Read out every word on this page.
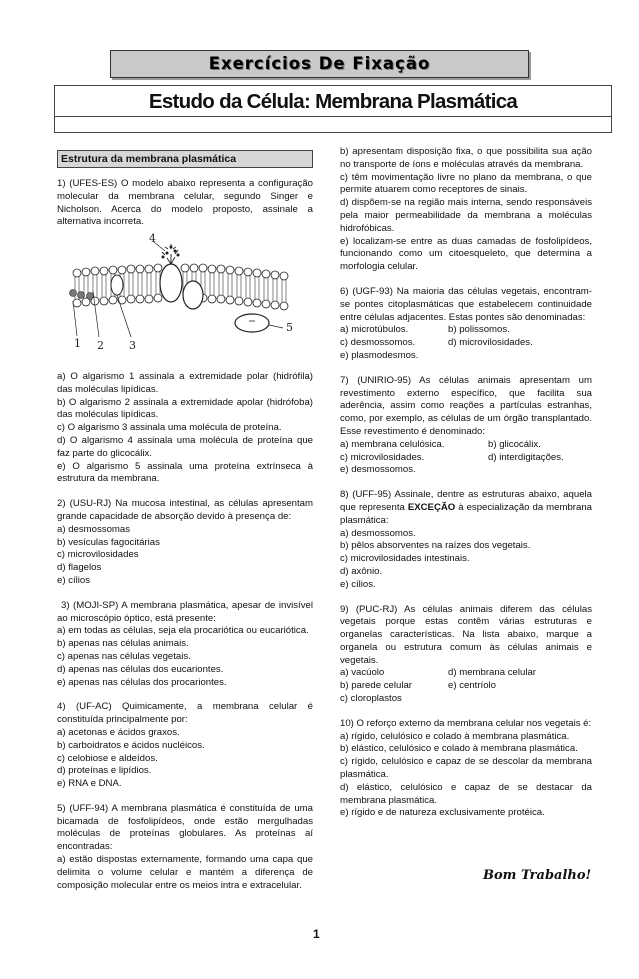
Exercícios De Fixação
Estudo da Célula: Membrana Plasmática
Estrutura da membrana plasmática

1) (UFES-ES) O modelo abaixo representa a configuração molecular da membrana celular, segundo Singer e Nicholson. Acerca do modelo proposto, assinale a alternativa incorreta.

4
5
1 2 3

a) O algarismo 1 assinala a extremidade polar (hidrófila) das moléculas lipídicas.

b) O algarismo 2 assinala a extremidade apolar (hidrófoba) das moléculas lipídicas.

c) O algarismo 3 assinala uma molécula de proteína.

d) O algarismo 4 assinala uma molécula de proteína que faz parte do glicocálix.

e) O algarismo 5 assinala uma proteína extrínseca à estrutura da membrana.

2) (USU-RJ) Na mucosa intestinal, as células apresentam grande capacidade de absorção devido à presença de:

a) desmossomas

b) vesículas fagocitárias

c) microvilosidades

d) flagelos

e) cílios

3) (MOJI-SP) A membrana plasmática, apesar de invisível ao microscópio óptico, está presente:

a) em todas as células, seja ela procariótica ou eucariótica.

b) apenas nas células animais.

c) apenas nas células vegetais.

d) apenas nas células dos eucariontes.

e) apenas nas células dos procariontes.

4) (UF-AC) Quimicamente, a membrana celular é constituída principalmente por:

a) acetonas e ácidos graxos.

b) carboidratos e ácidos nucléicos.

c) celobiose e aldeídos.

d) proteínas e lipídios.

e) RNA e DNA.

5) (UFF-94) A membrana plasmática é constituída de uma bicamada de fosfolipídeos, onde estão mergulhadas moléculas de proteínas globulares. As proteínas aí encontradas:

a) estão dispostas externamente, formando uma capa que delimita o volume celular e mantém a diferença de composição molecular entre os meios intra e extracelular.

b) apresentam disposição fixa, o que possibilita sua ação no transporte de íons e moléculas através da membrana.

c) têm movimentação livre no plano da membrana, o que permite atuarem como receptores de sinais.

d) dispõem-se na região mais interna, sendo responsáveis pela maior permeabilidade da membrana a moléculas hidrofóbicas.

e) localizam-se entre as duas camadas de fosfolipídeos, funcionando como um citoesqueleto, que determina a morfologia celular.

6) (UGF-93) Na maioria das células vegetais, encontram-se pontes citoplasmáticas que estabelecem continuidade entre células adjacentes. Estas pontes são denominadas:

a) microtúbulos.	b) polissomos.
c) desmossomos.	d) microvilosidades.

e) plasmodesmos.

7) (UNIRIO-95) As células animais apresentam um revestimento externo específico, que facilita sua aderência, assim como reações a partículas estranhas, como, por exemplo, as células de um órgão transplantado. Esse revestimento é denominado:

a) membrana celulósica.	b) glicocálix.
c) microvilosidades.	d) interdigitações.

e) desmossomos.

8) (UFF-95) Assinale, dentre as estruturas abaixo, aquela que representa EXCEÇÃO à especialização da membrana plasmática:

a) desmossomos.

b) pêlos absorventes na raízes dos vegetais.

c) microvilosidades intestinais.

d) axônio.

e) cílios.

9) (PUC-RJ) As células animais diferem das células vegetais porque estas contêm várias estruturas e organelas características. Na lista abaixo, marque a organela ou estrutura comum às células animais e vegetais.

a) vacúolo	d) membrana celular
b) parede celular	e) centríolo

c) cloroplastos

10) O reforço externo da membrana celular nos vegetais é:

a) rígido, celulósico e colado à membrana plasmática.

b) elástico, celulósico e colado à membrana plasmática.

c) rígido, celulósico e capaz de se descolar da membrana plasmática.

d) elástico, celulósico e capaz de se destacar da membrana plasmática.

e) rígido e de natureza exclusivamente protéica.

Bom Trabalho!
1
